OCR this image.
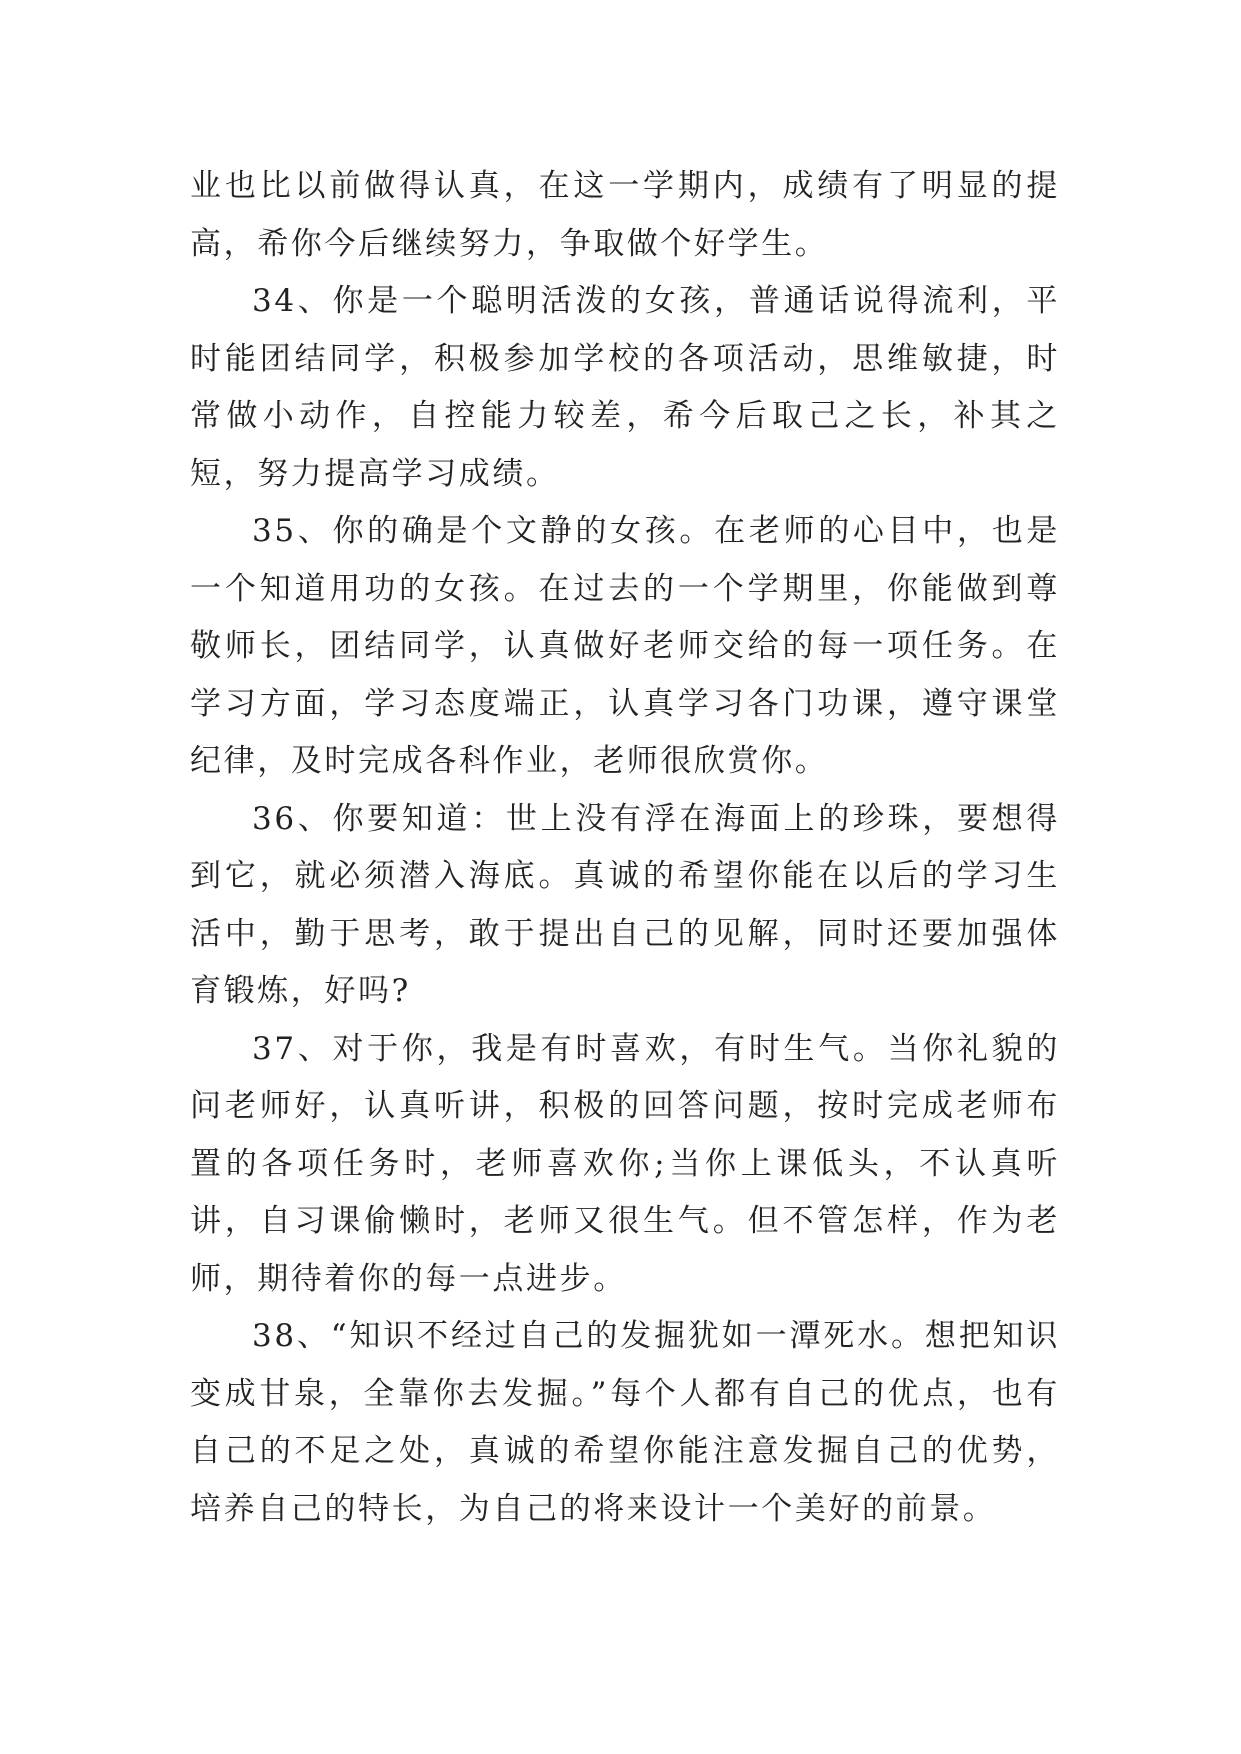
业也比以前做得认真，在这一学期内，成绩有了明显的提高，希你今后继续努力，争取做个好学生。

34、你是一个聪明活泼的女孩，普通话说得流利，平时能团结同学，积极参加学校的各项活动，思维敏捷，时常做小动作，自控能力较差，希今后取己之长，补其之短，努力提高学习成绩。

35、你的确是个文静的女孩。在老师的心目中，也是一个知道用功的女孩。在过去的一个学期里，你能做到尊敬师长，团结同学，认真做好老师交给的每一项任务。在学习方面，学习态度端正，认真学习各门功课，遵守课堂纪律，及时完成各科作业，老师很欣赏你。

36、你要知道：世上没有浮在海面上的珍珠，要想得到它，就必须潜入海底。真诚的希望你能在以后的学习生活中，勤于思考，敢于提出自己的见解，同时还要加强体育锻炼，好吗?

37、对于你，我是有时喜欢，有时生气。当你礼貌的问老师好，认真听讲，积极的回答问题，按时完成老师布置的各项任务时，老师喜欢你;当你上课低头，不认真听讲，自习课偷懒时，老师又很生气。但不管怎样，作为老师，期待着你的每一点进步。

38、“知识不经过自己的发掘犹如一潭死水。想把知识变成甘泉，全靠你去发掘。”每个人都有自己的优点，也有自己的不足之处，真诚的希望你能注意发掘自己的优势，培养自己的特长，为自己的将来设计一个美好的前景。
